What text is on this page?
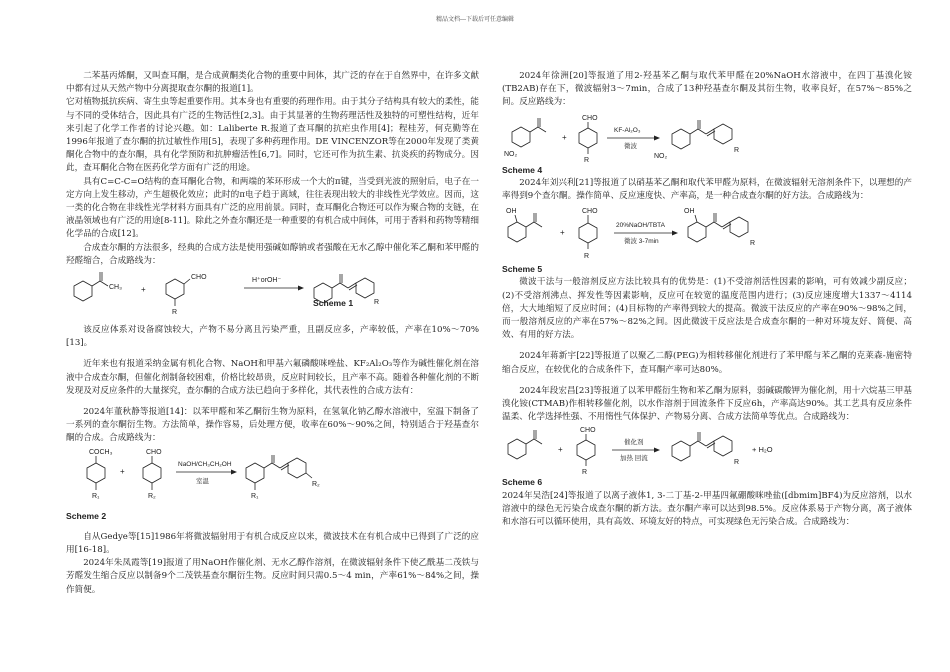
精品文档---下载后可任意编辑

二苯基丙烯酮，又叫查耳酮，是合成黄酮类化合物的重要中间体，其广泛的存在于自然界中，在许多文献中都有过从天然产物中分离提取查尔酮的报道[1]。

它对植物抵抗疾病、寄生虫等起重要作用。其本身也有重要的药理作用。由于其分子结构具有较大的柔性，能与不同的受体结合，因此具有广泛的生物活性[2,3]。由于其显著的生物药理活性及独特的可塑性结构，近年来引起了化学工作者的讨论兴趣。如：Laliberte R.报道了查耳酮的抗疟虫作用[4]；程桂芳，何克勤等在1996年报道了查尔酮的抗过敏性作用[5]，表现了多种药理作用。DE VINCENZOR等在2000年发现了类黄酮化合物中的查尔酮，具有化学预防和抗肿瘤活性[6,7]。同时，它还可作为抗生素、抗炎疾的药物成分。因此，查耳酮化合物在医药化学方面有广泛的用途。

具有C=C-C=O结构的查耳酮化合物，和两端的苯环形成一个大的π键，当受到光波的照射后，电子在一定方向上发生移动，产生超极化效应；此时的π电子趋于离域，往往表现出较大的非线性光学效应。因而，这一类的化合物在非线性光学材料方面具有广泛的应用前景。同时，查耳酮化合物还可以作为聚合物的支链，在液晶领域也有广泛的用途[8-11]。除此之外查尔酮还是一种重要的有机合成中间体，可用于香料和药物等精细化学品的合成[12]。

合成查尔酮的方法很多，经典的合成方法是使用强碱如醇钠或者强酸在无水乙醇中催化苯乙酮和苯甲醛的羟醛缩合，合成路线为：

CH₃ +
CHO
R
H⁺orOH⁻
R
Scheme 1

该反应体系对设备腐蚀较大，产物不易分离且污染严重，且副反应多，产率较低，产率在10%～70%[13]。

近年来也有报道采纳金属有机化合物、NaOH和甲基六氟磷酸咪唑盐、KF₂Al₂O₃等作为碱性催化剂在溶液中合成查尔酮，但催化剂制备较困难，价格比较昂贵，反应时间较长，且产率不高。随着各种催化剂的不断发现及对反应条件的大量探究，查尔酮的合成方法已趋向于多样化，其代表性的合成方法有：

2024年董秋静等报道[14]：以苯甲醛和苯乙酮衍生物为原料，在氢氧化钠乙醇水溶液中，室温下制备了一系列的查尔酮衍生物。方法简单，操作容易，后处理方便，收率在60%～90%之间，特别适合于羟基查尔酮的合成。合成路线为：

COCH₃
R₁
+
CHO
R₂
NaOH/CH₃CH₂OH
室温
R₁
R₂
Scheme 2

自从Gedye等[15]1986年将微波辐射用于有机合成反应以来，微波技术在有机合成中已得到了广泛的应用[16-18]。

2024年朱凤霞等[19]报道了用NaOH作催化剂、无水乙醇作溶剂，在微波辐射条件下使乙酰基二茂铁与芳醛发生缩合反应以制备9个二茂铁基查尔酮衍生物。反应时间只需0.5～4 min，产率61%～84%之间，操作简便。

2024年徐洲[20]等报道了用2-羟基苯乙酮与取代苯甲醛在20%NaOH水溶液中，在四丁基溴化铵(TB2AB)存在下，微波辐射3～7min，合成了13种羟基查尔酮及其衍生物，收率良好，在57%～85%之间。反应路线为：

NO₂
+
CHO
R
KF-Al₂O₃
微波
NO₂
R
Scheme 4

2024年刘兴利[21]等报道了以硝基苯乙酮和取代苯甲醛为原料，在微波辐射无溶剂条件下，以理想的产率得到9个查尔酮。操作简单、反应速度快、产率高，是一种合成查尔酮的好方法。合成路线为：

OH
+
CHO
R
20%NaOH/TBTA
微波 3-7min
OH
R
Scheme 5

微波干法与一般溶剂反应方法比较具有的优势是：(1)不受溶剂活性因素的影响，可有效减少副反应；(2)不受溶剂沸点、挥发性等因素影响，反应可在较宽的温度范围内进行；(3)反应速度增大1337～4114倍，大大地缩短了反应时间；(4)目标物的产率得到较大的提高。微波干法反应的产率在90%～98%之间，而一般溶剂反应的产率在57%～82%之间。因此微波干反应法是合成查尔酮的一种对环境友好、简便、高效、有用的好方法。

2024年蒋新宇[22]等报道了以聚乙二醇(PEG)为相转移催化剂进行了苯甲醛与苯乙酮的克莱森-施密特缩合反应，在较优化的合成条件下，查耳酮产率可达80%。

2024年段宏昌[23]等报道了以苯甲醛衍生物和苯乙酮为原料，弱碱碳酸钾为催化剂，用十六烷基三甲基溴化铵(CTMAB)作相转移催化剂，以水作溶剂于回流条件下反应6h，产率高达90%。其工艺具有反应条件温柔、化学选择性强、不用惰性气体保护、产物易分离、合成方法简单等优点。合成路线为：

+
CHO
R
催化剂
加热 回流
R
+ H₂O
Scheme 6

2024年吴浩[24]等报道了以离子液体1, 3-二丁基-2-甲基四氟硼酸咪唑盐([dbmim]BF4)为反应溶剂，以水溶液中的绿色无污染合成查尔酮的新方法。查尔酮产率可以达到98.5%。反应体系易于产物分离，离子液体和水溶石可以循环使用，具有高效、环境友好的特点，可实现绿色无污染合成。合成路线为：
